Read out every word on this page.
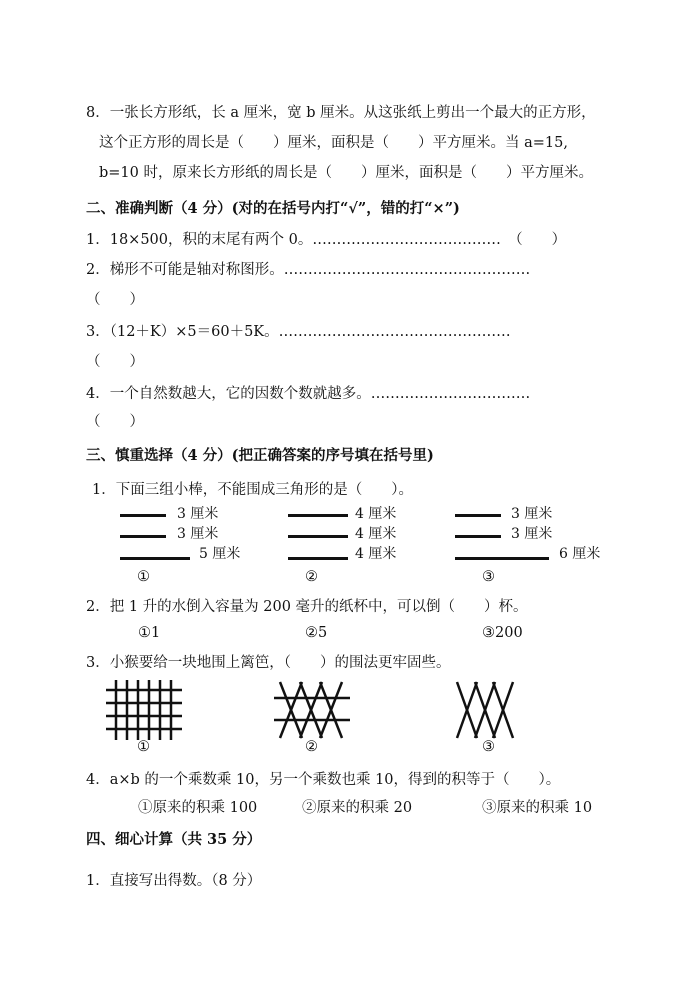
8．一张长方形纸，长 a 厘米，宽 b 厘米。从这张纸上剪出一个最大的正方形，
这个正方形的周长是（　　）厘米，面积是（　　）平方厘米。当 a=15,
b=10 时，原来长方形纸的周长是（　　）厘米，面积是（　　）平方厘米。
二、准确判断（4 分）(对的在括号内打“√”，错的打“×”)
1．18×500，积的末尾有两个 0。…………………………………　（　　）
2．梯形不可能是轴对称图形。……………………………………………
（　　）
3．（12＋K）×5＝60＋5K。…………………………………………
（　　）
4．一个自然数越大，它的因数个数就越多。……………………………
（　　）
三、慎重选择（4 分）(把正确答案的序号填在括号里)
1．下面三组小棒，不能围成三角形的是（　　）。
3 厘米
3 厘米
5 厘米
①
4 厘米
4 厘米
4 厘米
②
3 厘米
3 厘米
6 厘米
③
2．把 1 升的水倒入容量为 200 毫升的纸杯中，可以倒（　　）杯。
①1	②5	③200
3．小猴要给一块地围上篱笆，（　　）的围法更牢固些。
①	②	③
4．a×b 的一个乘数乘 10，另一个乘数也乘 10，得到的积等于（　　）。
①原来的积乘 100	②原来的积乘 20	③原来的积乘 10
四、细心计算（共 35 分）
1．直接写出得数。（8 分）
